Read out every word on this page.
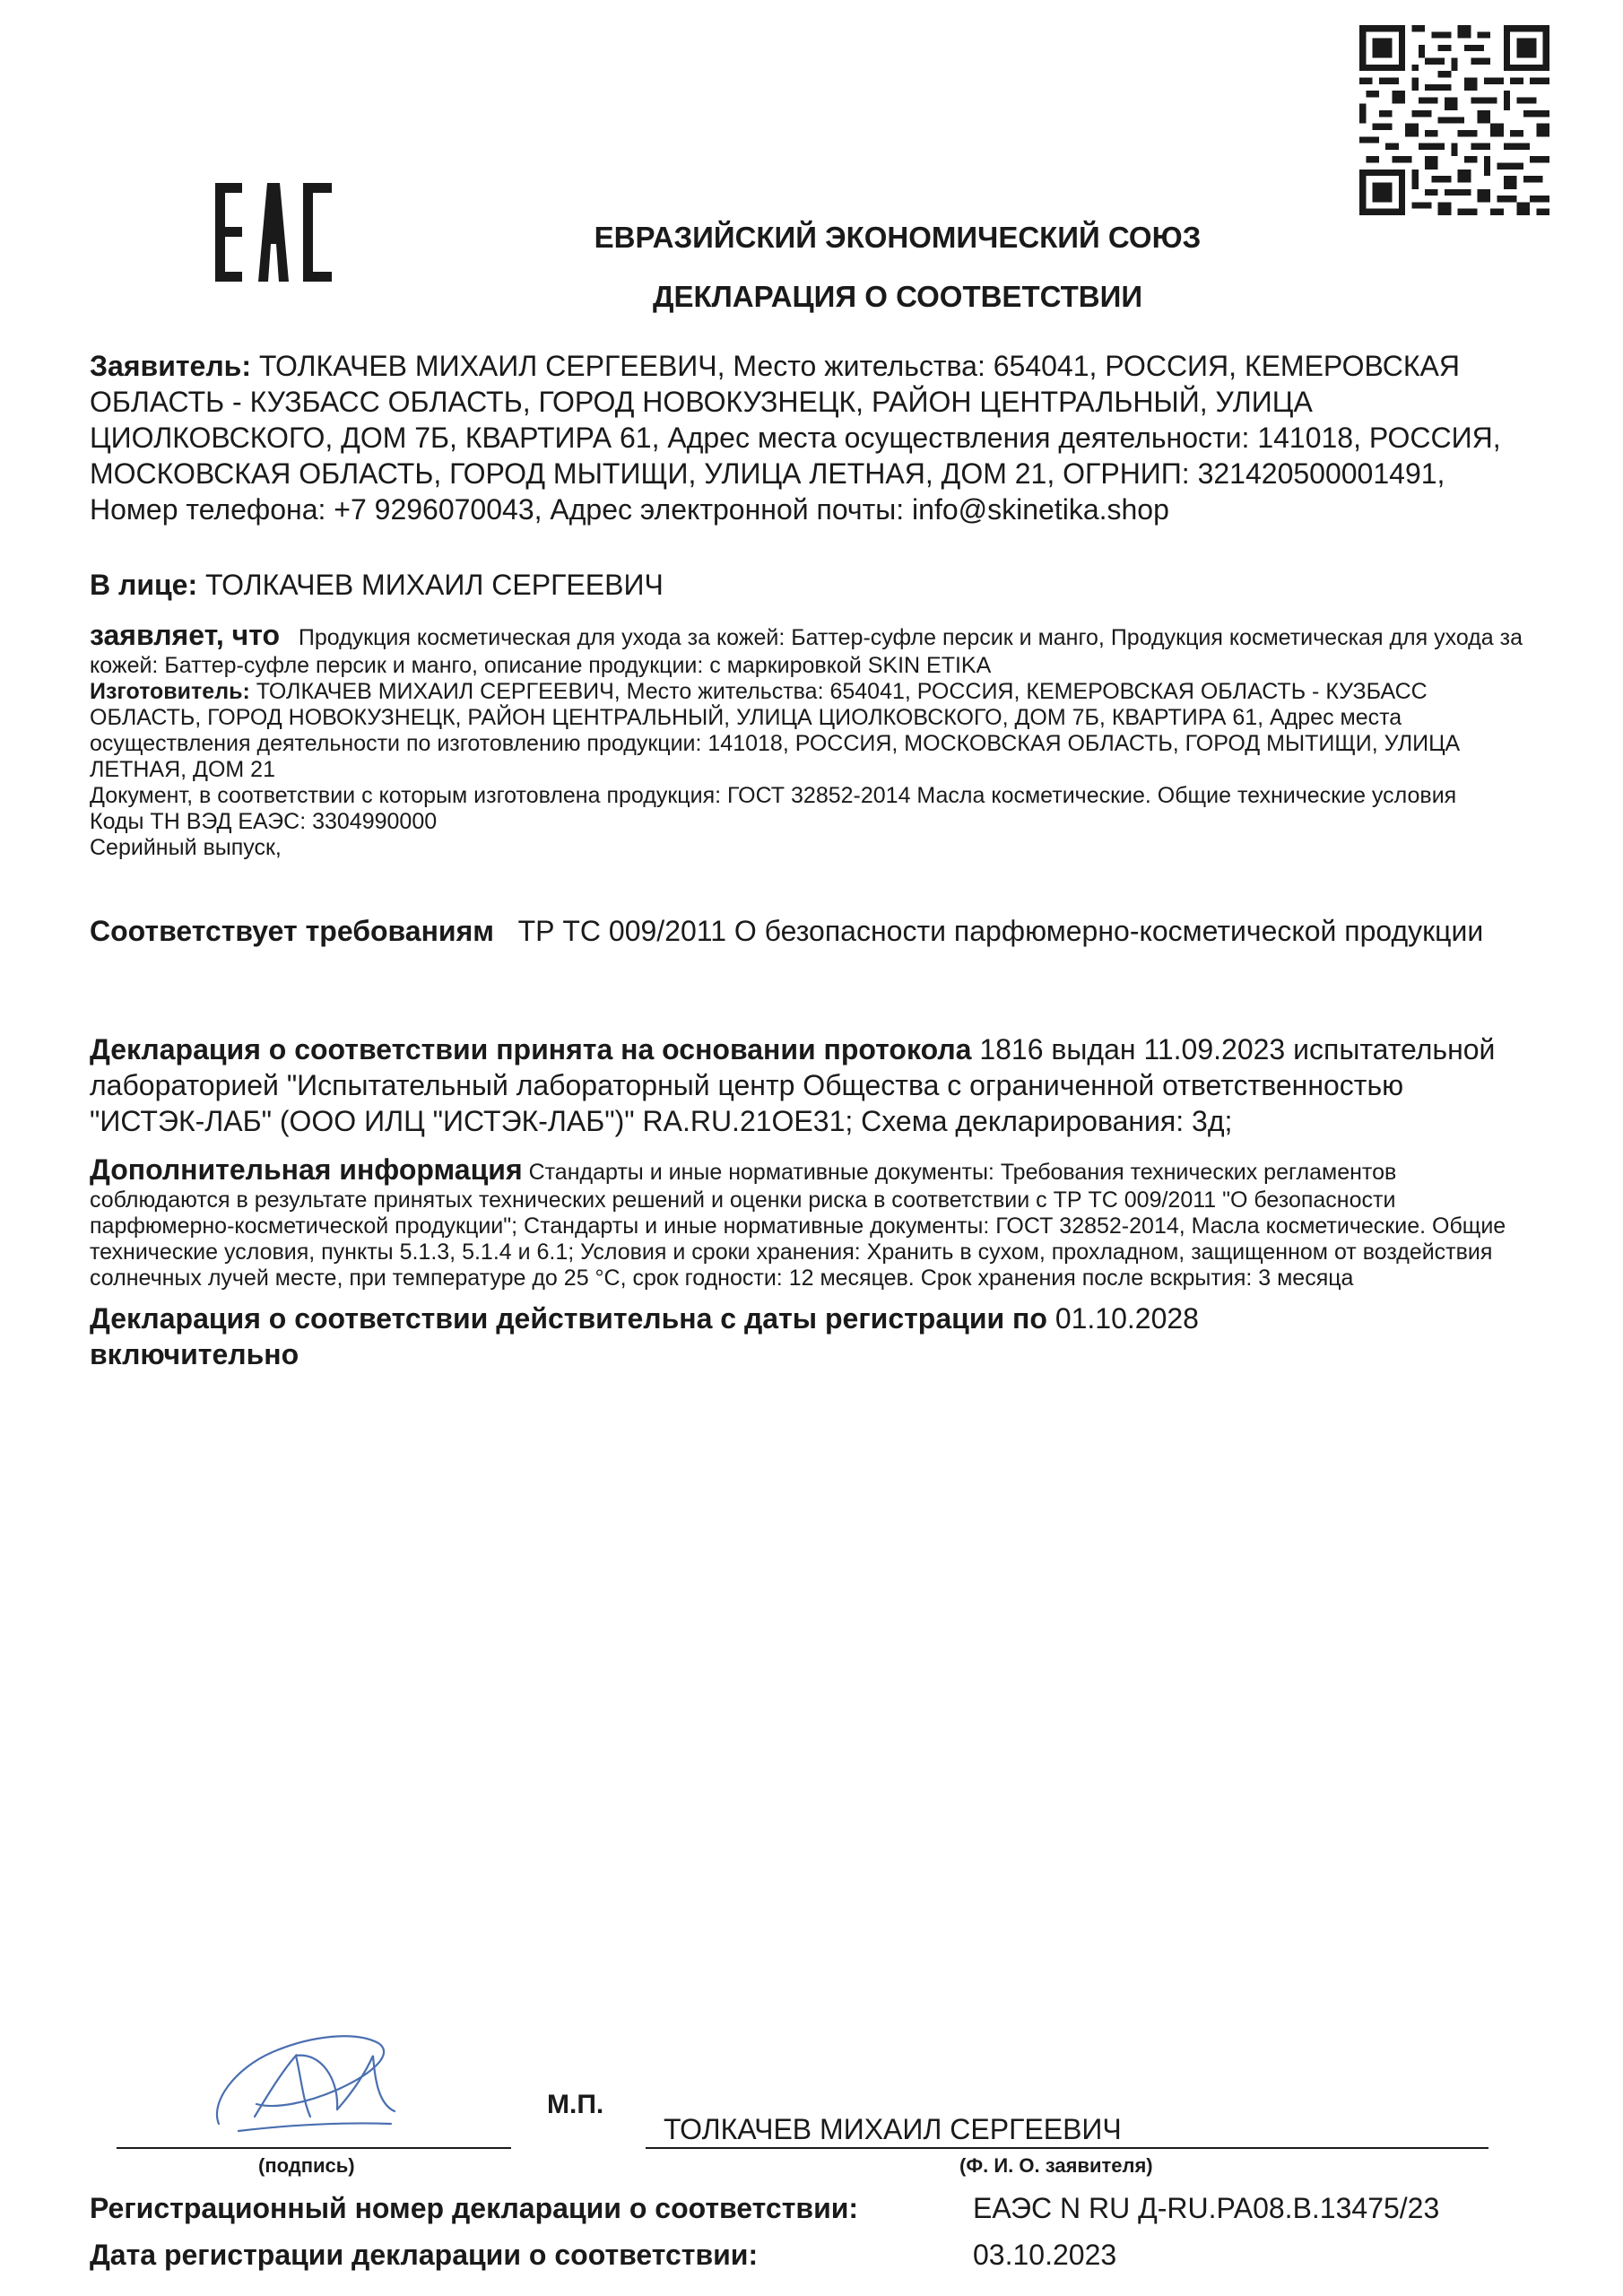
ЕВРАЗИЙСКИЙ ЭКОНОМИЧЕСКИЙ СОЮЗ
ДЕКЛАРАЦИЯ О СООТВЕТСТВИИ
Заявитель: ТОЛКАЧЕВ МИХАИЛ СЕРГЕЕВИЧ, Место жительства: 654041, РОССИЯ, КЕМЕРОВСКАЯ ОБЛАСТЬ - КУЗБАСС ОБЛАСТЬ, ГОРОД НОВОКУЗНЕЦК, РАЙОН ЦЕНТРАЛЬНЫЙ, УЛИЦА ЦИОЛКОВСКОГО, ДОМ 7Б, КВАРТИРА 61, Адрес места осуществления деятельности: 141018, РОССИЯ, МОСКОВСКАЯ ОБЛАСТЬ, ГОРОД МЫТИЩИ, УЛИЦА ЛЕТНАЯ, ДОМ 21, ОГРНИП: 321420500001491, Номер телефона: +7 9296070043, Адрес электронной почты: info@skinetika.shop
В лице: ТОЛКАЧЕВ МИХАИЛ СЕРГЕЕВИЧ
заявляет, что Продукция косметическая для ухода за кожей: Баттер-суфле персик и манго, Продукция косметическая для ухода за кожей: Баттер-суфле персик и манго, описание продукции: с маркировкой SKIN ETIKA
Изготовитель: ТОЛКАЧЕВ МИХАИЛ СЕРГЕЕВИЧ, Место жительства: 654041, РОССИЯ, КЕМЕРОВСКАЯ ОБЛАСТЬ - КУЗБАСС ОБЛАСТЬ, ГОРОД НОВОКУЗНЕЦК, РАЙОН ЦЕНТРАЛЬНЫЙ, УЛИЦА ЦИОЛКОВСКОГО, ДОМ 7Б, КВАРТИРА 61, Адрес места осуществления деятельности по изготовлению продукции: 141018, РОССИЯ, МОСКОВСКАЯ ОБЛАСТЬ, ГОРОД МЫТИЩИ, УЛИЦА ЛЕТНАЯ, ДОМ 21
Документ, в соответствии с которым изготовлена продукция: ГОСТ 32852-2014 Масла косметические. Общие технические условия
Коды ТН ВЭД ЕАЭС: 3304990000
Серийный выпуск,
Соответствует требованиям ТР ТС 009/2011 О безопасности парфюмерно-косметической продукции
Декларация о соответствии принята на основании протокола 1816 выдан 11.09.2023 испытательной лабораторией "Испытательный лабораторный центр Общества с ограниченной ответственностью "ИСТЭК-ЛАБ" (ООО ИЛЦ "ИСТЭК-ЛАБ")" RA.RU.21ОЕ31; Схема декларирования: 3д;
Дополнительная информация Стандарты и иные нормативные документы: Требования технических регламентов соблюдаются в результате принятых технических решений и оценки риска в соответствии с ТР ТС 009/2011 "О безопасности парфюмерно-косметической продукции"; Стандарты и иные нормативные документы: ГОСТ 32852-2014, Масла косметические. Общие технические условия, пункты 5.1.3, 5.1.4 и 6.1; Условия и сроки хранения: Хранить в сухом, прохладном, защищенном от воздействия солнечных лучей месте, при температуре до 25 °С, срок годности: 12 месяцев. Срок хранения после вскрытия: 3 месяца
Декларация о соответствии действительна с даты регистрации по 01.10.2028
включительно
М.П.
ТОЛКАЧЕВ МИХАИЛ СЕРГЕЕВИЧ
(подпись)	(Ф. И. О. заявителя)
Регистрационный номер декларации о соответствии:	ЕАЭС N RU Д-RU.РА08.В.13475/23
Дата регистрации декларации о соответствии:	03.10.2023
